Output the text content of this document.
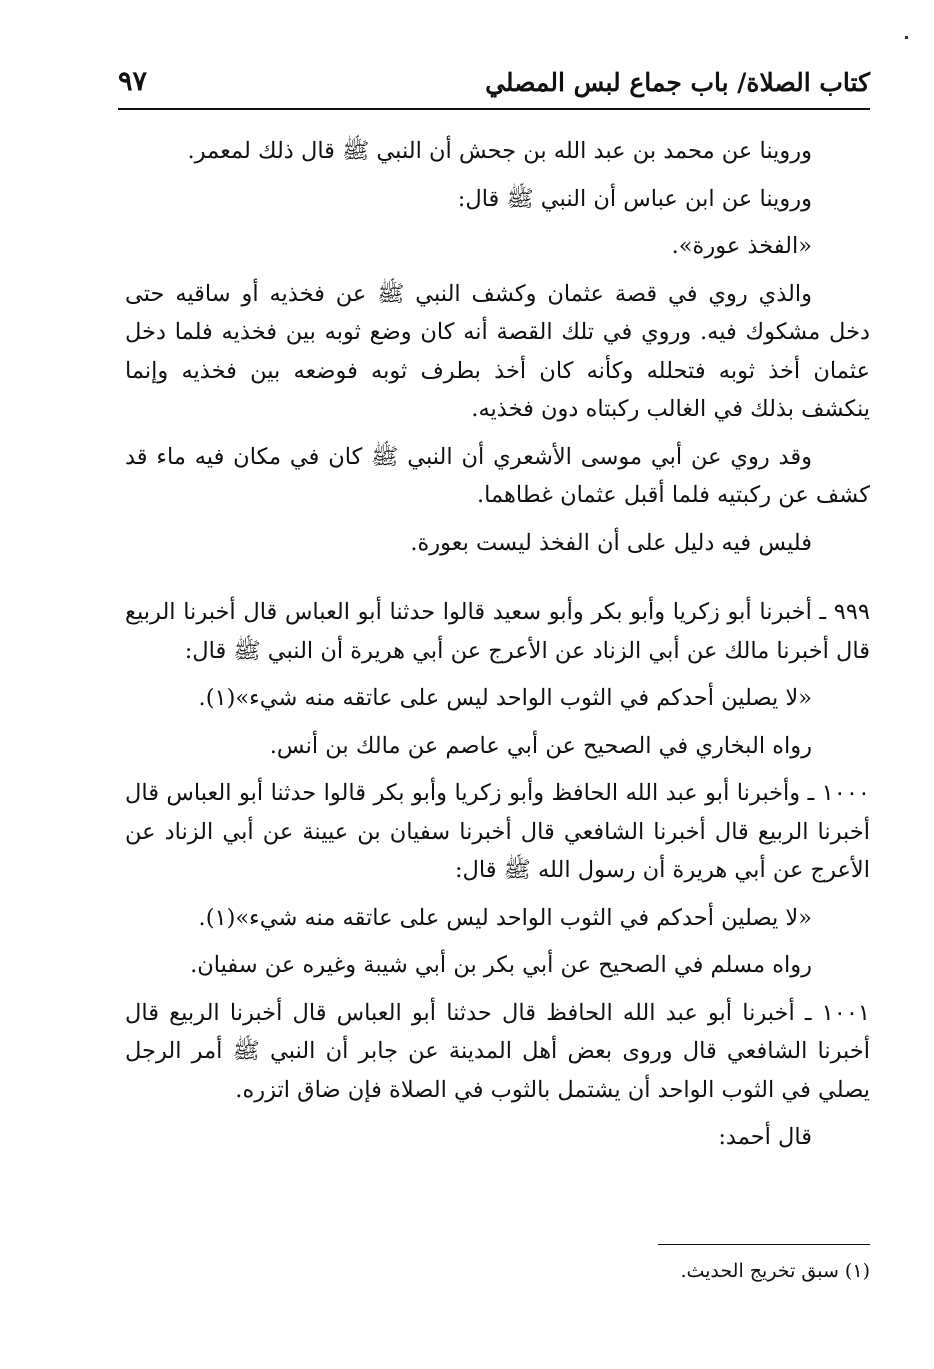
كتاب الصلاة/ باب جماع لبس المصلي
٩٧

وروينا عن محمد بن عبد الله بن جحش أن النبي ﷺ قال ذلك لمعمر.

وروينا عن ابن عباس أن النبي ﷺ قال:

«الفخذ عورة».

والذي روي في قصة عثمان وكشف النبي ﷺ عن فخذيه أو ساقيه حتى دخل مشكوك فيه. وروي في تلك القصة أنه كان وضع ثوبه بين فخذيه فلما دخل عثمان أخذ ثوبه فتحلله وكأنه كان أخذ بطرف ثوبه فوضعه بين فخذيه وإنما ينكشف بذلك في الغالب ركبتاه دون فخذيه.

وقد روي عن أبي موسى الأشعري أن النبي ﷺ كان في مكان فيه ماء قد كشف عن ركبتيه فلما أقبل عثمان غطاهما.

فليس فيه دليل على أن الفخذ ليست بعورة.

٩٩٩ ـ أخبرنا أبو زكريا وأبو بكر وأبو سعيد قالوا حدثنا أبو العباس قال أخبرنا الربيع قال أخبرنا مالك عن أبي الزناد عن الأعرج عن أبي هريرة أن النبي ﷺ قال:

«لا يصلين أحدكم في الثوب الواحد ليس على عاتقه منه شيء»(١).

رواه البخاري في الصحيح عن أبي عاصم عن مالك بن أنس.

١٠٠٠ ـ وأخبرنا أبو عبد الله الحافظ وأبو زكريا وأبو بكر قالوا حدثنا أبو العباس قال أخبرنا الربيع قال أخبرنا الشافعي قال أخبرنا سفيان بن عيينة عن أبي الزناد عن الأعرج عن أبي هريرة أن رسول الله ﷺ قال:

«لا يصلين أحدكم في الثوب الواحد ليس على عاتقه منه شيء»(١).

رواه مسلم في الصحيح عن أبي بكر بن أبي شيبة وغيره عن سفيان.

١٠٠١ ـ أخبرنا أبو عبد الله الحافظ قال حدثنا أبو العباس قال أخبرنا الربيع قال أخبرنا الشافعي قال وروى بعض أهل المدينة عن جابر أن النبي ﷺ أمر الرجل يصلي في الثوب الواحد أن يشتمل بالثوب في الصلاة فإن ضاق اتزره.

قال أحمد:

(١) سبق تخريج الحديث.
